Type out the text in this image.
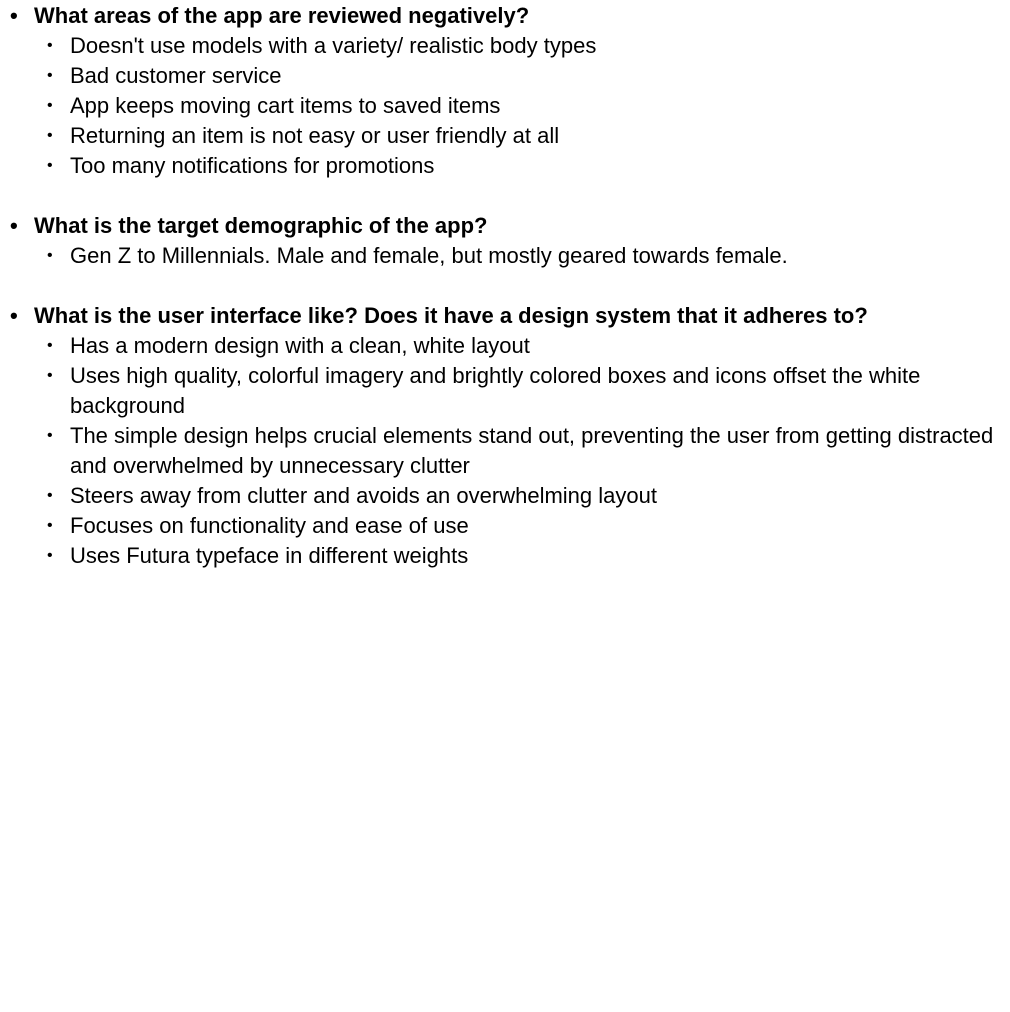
• What areas of the app are reviewed negatively?
• Doesn't use models with a variety/ realistic body types
• Bad customer service
• App keeps moving cart items to saved items
• Returning an item is not easy or user friendly at all
• Too many notifications for promotions
• What is the target demographic of the app?
• Gen Z to Millennials. Male and female, but mostly geared towards female.
• What is the user interface like? Does it have a design system that it adheres to?
• Has a modern design with a clean, white layout
• Uses high quality, colorful imagery and brightly colored boxes and icons offset the white background
• The simple design helps crucial elements stand out, preventing the user from getting distracted and overwhelmed by unnecessary clutter
• Steers away from clutter and avoids an overwhelming layout
• Focuses on functionality and ease of use
• Uses Futura typeface in different weights
